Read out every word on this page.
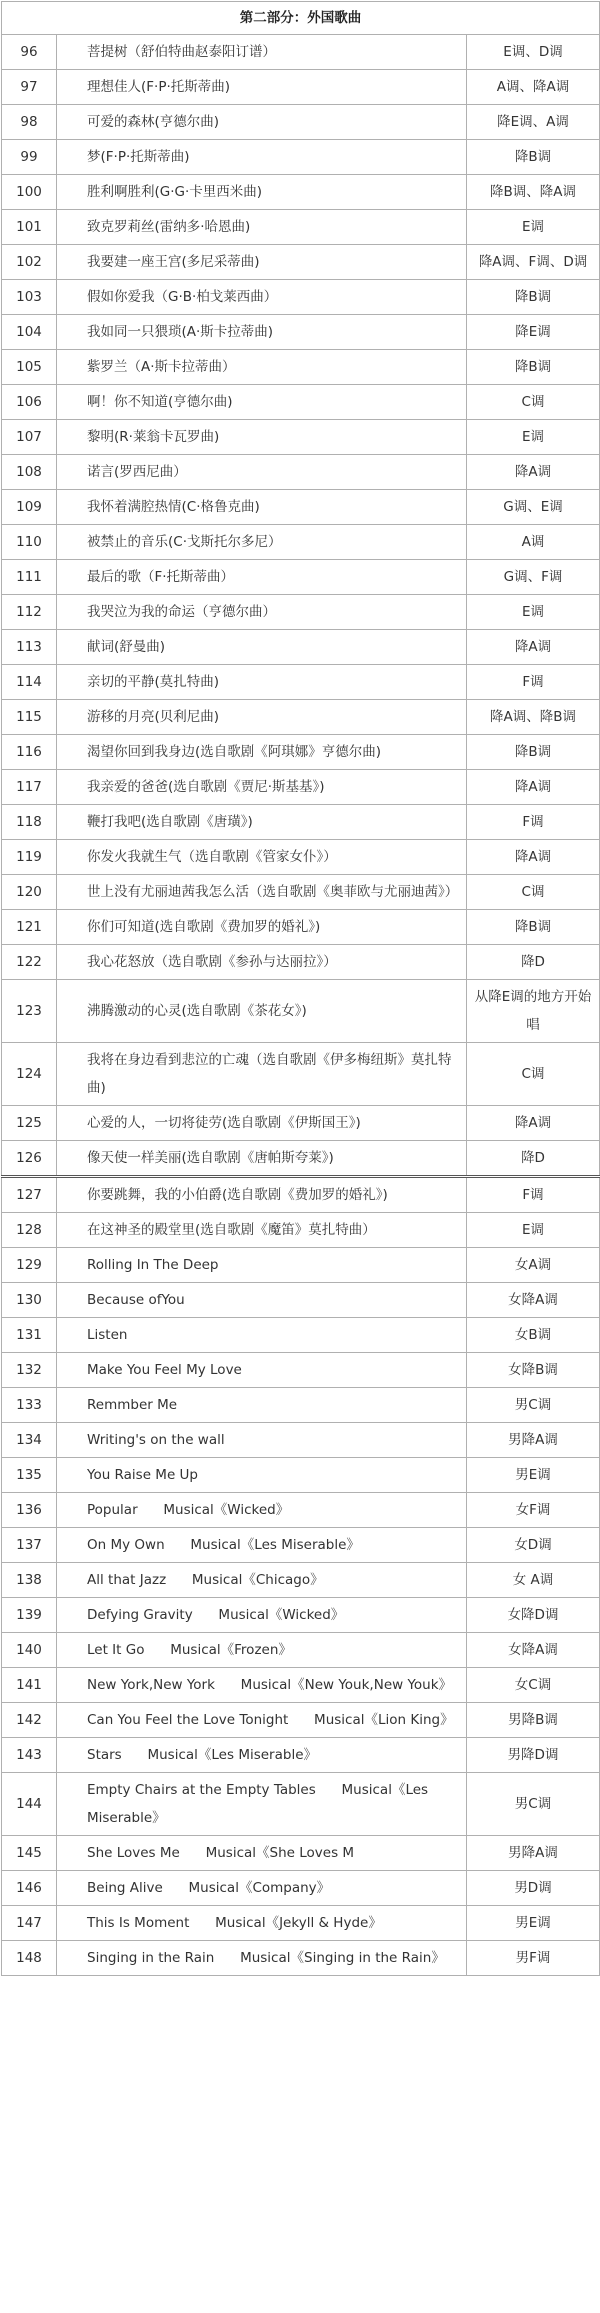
第二部分：外国歌曲		
96	菩提树（舒伯特曲赵泰阳订谱）	E调、D调
97	理想佳人(F·P·托斯蒂曲)	A调、降A调
98	可爱的森林(亨德尔曲)	降E调、A调
99	梦(F·P·托斯蒂曲)	降B调
100	胜利啊胜利(G·G·卡里西米曲)	降B调、降A调
101	致克罗莉丝(雷纳多·哈恩曲)	E调
102	我要建一座王宫(多尼采蒂曲)	降A调、F调、D调
103	假如你爱我（G·B·柏戈莱西曲）	降B调

104	我如同一只猥琐(A·斯卡拉蒂曲)	降E调
105	紫罗兰（A·斯卡拉蒂曲）	降B调
106	啊！你不知道(亨德尔曲)	C调
107	黎明(R·莱翁卡瓦罗曲)	E调
108	诺言(罗西尼曲）	降A调
109	我怀着满腔热情(C·格鲁克曲)	G调、E调
110	被禁止的音乐(C·戈斯托尔多尼）	A调
111	最后的歌（F·托斯蒂曲）	G调、F调
112	我哭泣为我的命运（亨德尔曲）	E调
113	献词(舒曼曲)	降A调
114	亲切的平静(莫扎特曲)	F调
115	游移的月亮(贝利尼曲)	降A调、降B调
116	渴望你回到我身边(选自歌剧《阿琪娜》亨德尔曲)	降B调
117	我亲爱的爸爸(选自歌剧《贾尼·斯基基》)	降A调
118	鞭打我吧(选自歌剧《唐璜》)	F调
119	你发火我就生气（选自歌剧《管家女仆》）	降A调
120	世上没有尤丽迪茜我怎么活（选自歌剧《奥菲欧与尤丽迪茜》）	C调
121	你们可知道(选自歌剧《费加罗的婚礼》)	降B调
122	我心花怒放（选自歌剧《参孙与达丽拉》）	降D
123	沸腾激动的心灵(选自歌剧《茶花女》)	从降E调的地方开始唱
124	我将在身边看到悲泣的亡魂（选自歌剧《伊多梅纽斯》莫扎特曲)	C调

125	心爱的人，一切将徒劳(选自歌剧《伊斯国王》)	降A调
126	像天使一样美丽(选自歌剧《唐帕斯夸莱》)	降D
127	你要跳舞，我的小伯爵(选自歌剧《费加罗的婚礼》)	F调
128	在这神圣的殿堂里(选自歌剧《魔笛》莫扎特曲）	E调
129	Rolling In The Deep	女A调
130	Because ofYou	女降A调
131	Listen	女B调
132	Make You Feel My Love	女降B调
133	Remmber Me	男C调
134	Writing's on the wall	男降A调
135	You Raise Me Up	男E调
136	Popular      Musical《Wicked》	女F调
137	On My Own      Musical《Les Miserable》	女D调
138	All that Jazz      Musical《Chicago》	女 A调
139	Defying Gravity      Musical《Wicked》	女降D调
140	Let It Go      Musical《Frozen》	女降A调
141	New York,New York      Musical《New Youk,New Youk》	女C调
142	Can You Feel the Love Tonight      Musical《Lion King》	男降B调
143	Stars      Musical《Les Miserable》	男降D调
144	Empty Chairs at the Empty Tables      Musical《Les Miserable》	男C调
145	She Loves Me      Musical《She Loves M	男降A调
146	Being Alive      Musical《Company》	男D调
147	This Is Moment      Musical《Jekyll & Hyde》	男E调
148	Singing in the Rain      Musical《Singing in the Rain》	男F调
